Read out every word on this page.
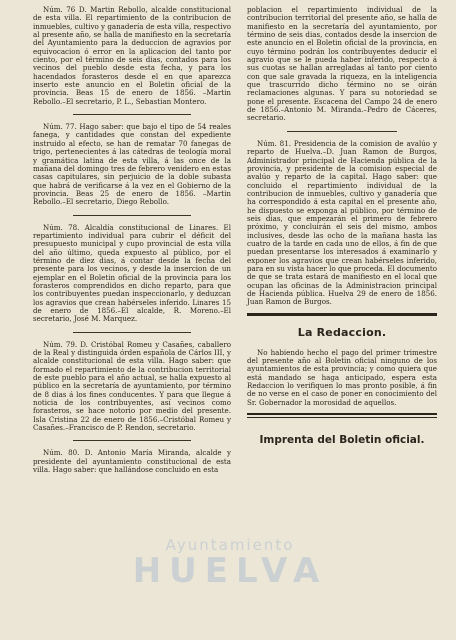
Núm. 76 D. Martin Rebollo, alcalde constitucional de esta villa. El repartimiento de la contribucion de inmuebles, cultivo y ganadería de esta villa, respectivo al presente año, se halla de manifiesto en la secretaría del Ayuntamiento para la deduccion de agravios por equivocacion ó error en la aplicacion del tanto por ciento, por el término de seis dias, contados para los vecinos del pueblo desde esta fecha, y para los hacendados forasteros desde el en que aparezca inserto este anuncio en el Boletin oficial de la provincia. Beas 15 de enero de 1856. –Martin Rebollo.–El secretario, P. L., Sebastian Montero.

Núm. 77. Hago saber: que bajo el tipo de 54 reales fanega, y cantidades que constan del expediente instruido al efecto, se han de rematar 70 fanegas de trigo, pertenecientes á las cátedras de teología moral y gramática latina de esta villa, á las once de la mañana del domingo tres de febrero venidero en estas casas capitulares, sin perjuicio de la doble subasta que habrá de verificarse á la vez en el Gobierno de la provincia. Beas 25 de enero de 1856. –Martin Rebollo.–El secretario, Diego Rebollo.

Núm. 78. Alcaldía constitucional de Linares. El repartimiento individual para cubrir el déficit del presupuesto municipal y cupo provincial de esta villa del año último, queda expuesto al público, por el término de diez dias, á contar desde la fecha del presente para los vecinos, y desde la insercion de un ejemplar en el Boletin oficial de la provincia para los forasteros comprendidos en dicho reparto, para que los contribuyentes puedan inspeccionarlo, y deduzcan los agravios que crean habérseles inferido. Linares 15 de enero de 1856.–El alcalde, R. Moreno.–El secretario, José M. Marquez.

Núm. 79. D. Cristóbal Romeu y Casañes, caballero de la Real y distinguida órden española de Cárlos III, y alcalde constitucional de esta villa. Hago saber: que formado el repartimiento de la contribucion territorial de este pueblo para el año actual, se halla expuesto al público en la secretaría de ayuntamiento, por término de 8 dias á los fines conducentes. Y para que llegue á noticia de los contribuyentes, así vecinos como forasteros, se hace notorio por medio del presente. Isla Cristina 22 de enero de 1856.–Cristóbal Romeu y Casañes.–Francisco de P. Rendon, secretario.

Núm. 80. D. Antonio María Miranda, alcalde y presidente del ayuntamiento constitucional de esta villa. Hago saber: que hallándose concluido en esta

poblacion el repartimiento individual de la contribucion territorial del presente año, se halla de manifiesto en la secretaría del ayuntamiento, por término de seis dias, contados desde la insercion de este anuncio en el Boletin oficial de la provincia, en cuyo término podrán los contribuyentes deducir el agravio que se le pueda haber inferido, respecto á sus cuotas se hallan arregladas al tanto por ciento con que sale gravada la riqueza, en la inteligencia que trascurrido dicho término no se oirán reclamaciones algunas. Y para su notoriedad se pone el presente. Escacena del Campo 24 de enero de 1856.–Antonio M. Miranda.–Pedro de Cáceres, secretario.

Núm. 81. Presidencia de la comision de avalúo y reparto de Huelva.–D. Juan Ramon de Burgos, Administrador principal de Hacienda pública de la provincia, y presidente de la comision especial de avalúo y reparto de la capital. Hago saber: que concluido el repartimiento individual de la contribucion de inmuebles, cultivo y ganadería que ha correspondido á esta capital en el presente año, he dispuesto se exponga al público, por término de seis dias, que empezarán el primero de febrero próximo, y concluirán el seis del mismo, ambos inclusives, desde las ocho de la mañana hasta las cuatro de la tarde en cada uno de ellos, á fin de que puedan presentarse los interesados á examinarlo y exponer los agravios que crean habérseles inferido, para en su vista hacer lo que proceda. El documento de que se trata estará de manifiesto en el local que ocupan las oficinas de la Administracion principal de Hacienda pública. Huelva 29 de enero de 1856. Juan Ramon de Burgos.

La Redaccion.

No habiendo hecho el pago del primer trimestre del presente año al Boletin oficial ninguno de los ayuntamientos de esta provincia; y como quiera que está mandado se haga anticipado, espera esta Redaccion lo verifiquen lo mas pronto posible, á fin de no verse en el caso de poner en conocimiento del Sr. Gobernador la morosidad de aquellos.

Imprenta del Boletin oficial.
Ayuntamiento
HUELVA
